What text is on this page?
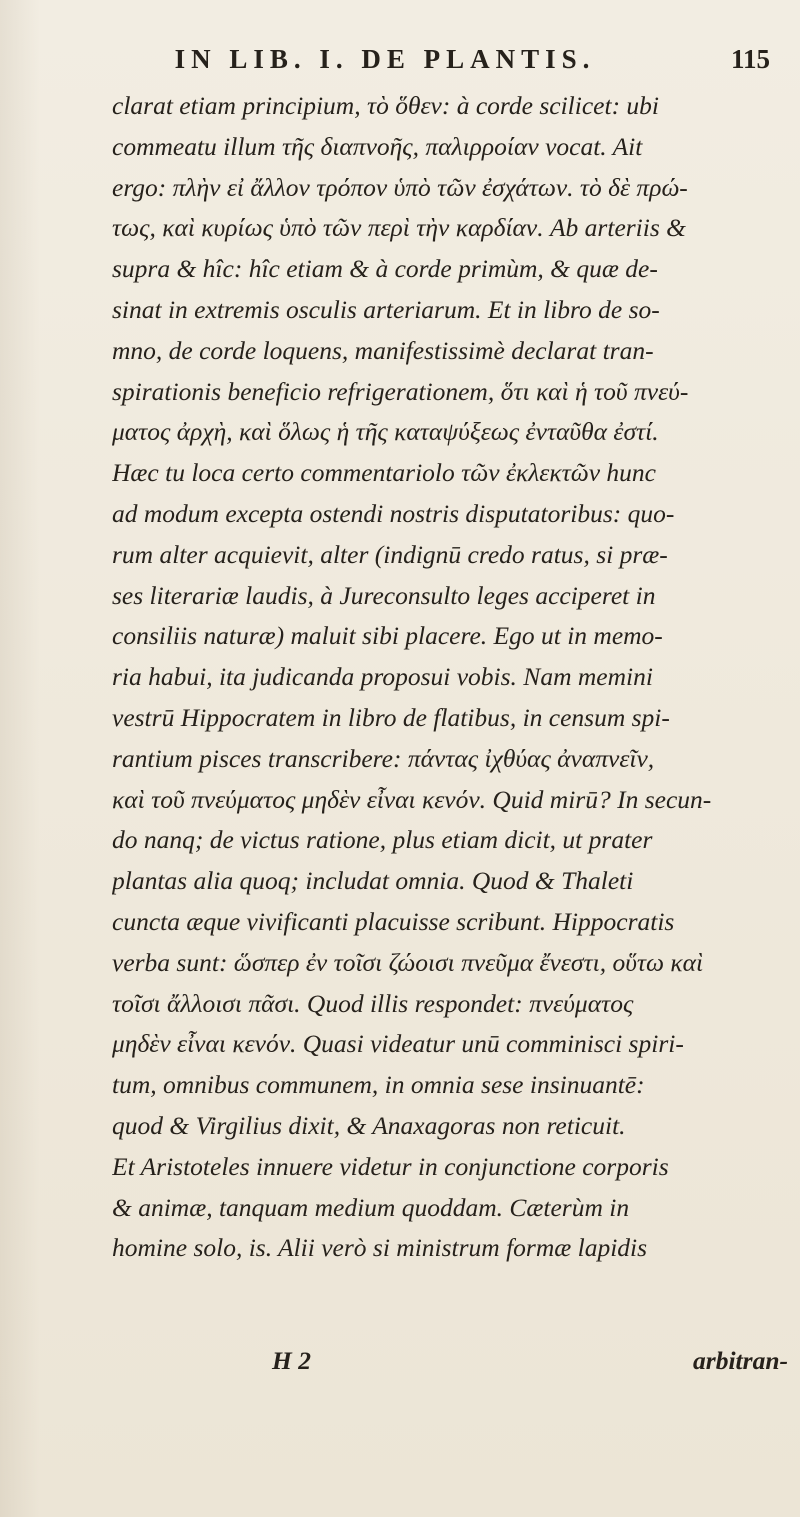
IN LIB. I. DE PLANTIS.	115
clarat etiam principium, τὸ ὅθεν: à corde scilicet: ubi
commeatu illum τῆς διαπνοῆς, παλιρροίαν vocat. Ait
ergo: πλὴν εἰ ἄλλον τρόπον ὑπὸ τῶν ἐσχάτων. τὸ δὲ πρώ-
τως, καὶ κυρίως ὑπὸ τῶν περὶ τὴν καρδίαν. Ab arteriis &
supra & hîc: hîc etiam & à corde primùm, & quæ de-
sinat in extremis osculis arteriarum. Et in libro de so-
mno, de corde loquens, manifestissimè declarat tran-
spirationis beneficio refrigerationem, ὅτι καὶ ἡ τοῦ πνεύ-
ματος ἀρχὴ, καὶ ὅλως ἡ τῆς καταψύξεως ἐνταῦθα ἐστί.
Hæc tu loca certo commentariolo τῶν ἐκλεκτῶν hunc
ad modum excepta ostendi nostris disputatoribus: quo-
rum alter acquievit, alter (indignū credo ratus, si præ-
ses literariæ laudis, à Jureconsulto leges acciperet in
consiliis naturæ) maluit sibi placere. Ego ut in memo-
ria habui, ita judicanda proposui vobis. Nam memini
vestrū Hippocratem in libro de flatibus, in censum spi-
rantium pisces transcribere: πάντας ἰχθύας ἀναπνεῖν,
καὶ τοῦ πνεύματος μηδὲν εἶναι κενόν. Quid mirū? In secun-
do nanq; de victus ratione, plus etiam dicit, ut prater
plantas alia quoq; includat omnia. Quod & Thaleti
cuncta æque vivificanti placuisse scribunt. Hippocratis
verba sunt: ὥσπερ ἐν τοῖσι ζώοισι πνεῦμα ἔνεστι, οὕτω καὶ
τοῖσι ἄλλοισι πᾶσι. Quod illis respondet: πνεύματος
μηδὲν εἶναι κενόν. Quasi videatur unū comminisci spiri-
tum, omnibus communem, in omnia sese insinuantē:
quod & Virgilius dixit, & Anaxagoras non reticuit.
Et Aristoteles innuere videtur in conjunctione corporis
& animæ, tanquam medium quoddam. Cæterùm in
homine solo, is. Alii verò si ministrum formæ lapidis
H 2	arbitran-
